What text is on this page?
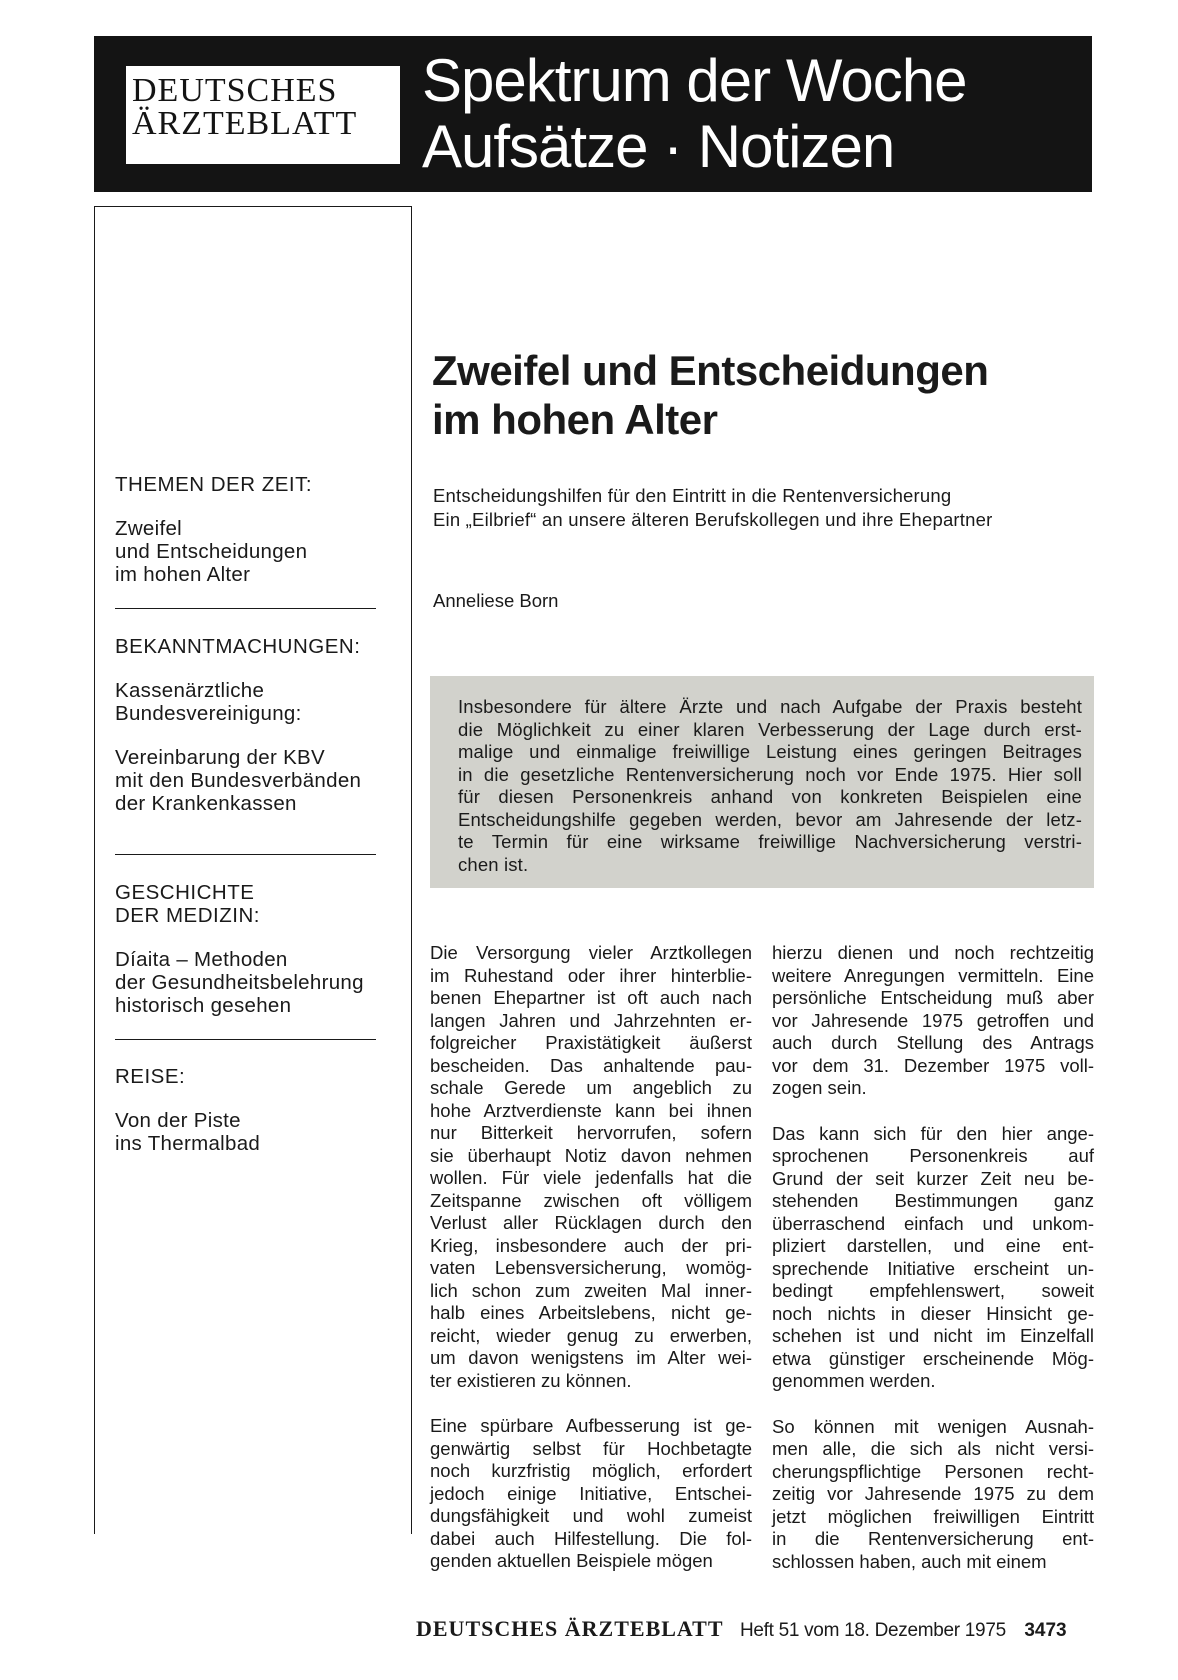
DEUTSCHES
ÄRZTEBLATT
Spektrum der Woche
Aufsätze · Notizen

THEMEN DER ZEIT:

Zweifel

und Entscheidungen

im hohen Alter

BEKANNTMACHUNGEN:

Kassenärztliche

Bundesvereinigung:

Vereinbarung der KBV

mit den Bundesverbänden

der Krankenkassen

GESCHICHTE

DER MEDIZIN:

Díaita – Methoden

der Gesundheitsbelehrung

historisch gesehen

REISE:

Von der Piste

ins Thermalbad

Zweifel und Entscheidungen
im hohen Alter
Entscheidungshilfen für den Eintritt in die Rentenversicherung
Ein „Eilbrief“ an unsere älteren Berufskollegen und ihre Ehepartner
Anneliese Born

Insbesondere für ältere Ärzte und nach Aufgabe der Praxis besteht
die Möglichkeit zu einer klaren Verbesserung der Lage durch erst-
malige und einmalige freiwillige Leistung eines geringen Beitrages
in die gesetzliche Rentenversicherung noch vor Ende 1975. Hier soll
für diesen Personenkreis anhand von konkreten Beispielen eine
Entscheidungshilfe gegeben werden, bevor am Jahresende der letz-
te Termin für eine wirksame freiwillige Nachversicherung verstri-
chen ist.

Die Versorgung vieler Arztkollegen
im Ruhestand oder ihrer hinterblie-
benen Ehepartner ist oft auch nach
langen Jahren und Jahrzehnten er-
folgreicher Praxistätigkeit äußerst
bescheiden. Das anhaltende pau-
schale Gerede um angeblich zu
hohe Arztverdienste kann bei ihnen
nur Bitterkeit hervorrufen, sofern
sie überhaupt Notiz davon nehmen
wollen. Für viele jedenfalls hat die
Zeitspanne zwischen oft völligem
Verlust aller Rücklagen durch den
Krieg, insbesondere auch der pri-
vaten Lebensversicherung, womög-
lich schon zum zweiten Mal inner-
halb eines Arbeitslebens, nicht ge-
reicht, wieder genug zu erwerben,
um davon wenigstens im Alter wei-
ter existieren zu können.

Eine spürbare Aufbesserung ist ge-
genwärtig selbst für Hochbetagte
noch kurzfristig möglich, erfordert
jedoch einige Initiative, Entschei-
dungsfähigkeit und wohl zumeist
dabei auch Hilfestellung. Die fol-
genden aktuellen Beispiele mögen

hierzu dienen und noch rechtzeitig
weitere Anregungen vermitteln. Eine
persönliche Entscheidung muß aber
vor Jahresende 1975 getroffen und
auch durch Stellung des Antrags
vor dem 31. Dezember 1975 voll-
zogen sein.

Das kann sich für den hier ange-
sprochenen Personenkreis auf
Grund der seit kurzer Zeit neu be-
stehenden Bestimmungen ganz
überraschend einfach und unkom-
pliziert darstellen, und eine ent-
sprechende Initiative erscheint un-
bedingt empfehlenswert, soweit
noch nichts in dieser Hinsicht ge-
schehen ist und nicht im Einzelfall
etwa günstiger erscheinende Mög-
genommen werden.

So können mit wenigen Ausnah-
men alle, die sich als nicht versi-
cherungspflichtige Personen recht-
zeitig vor Jahresende 1975 zu dem
jetzt möglichen freiwilligen Eintritt
in die Rentenversicherung ent-
schlossen haben, auch mit einem

DEUTSCHES ÄRZTEBLATT Heft 51 vom 18. Dezember 1975 3473
